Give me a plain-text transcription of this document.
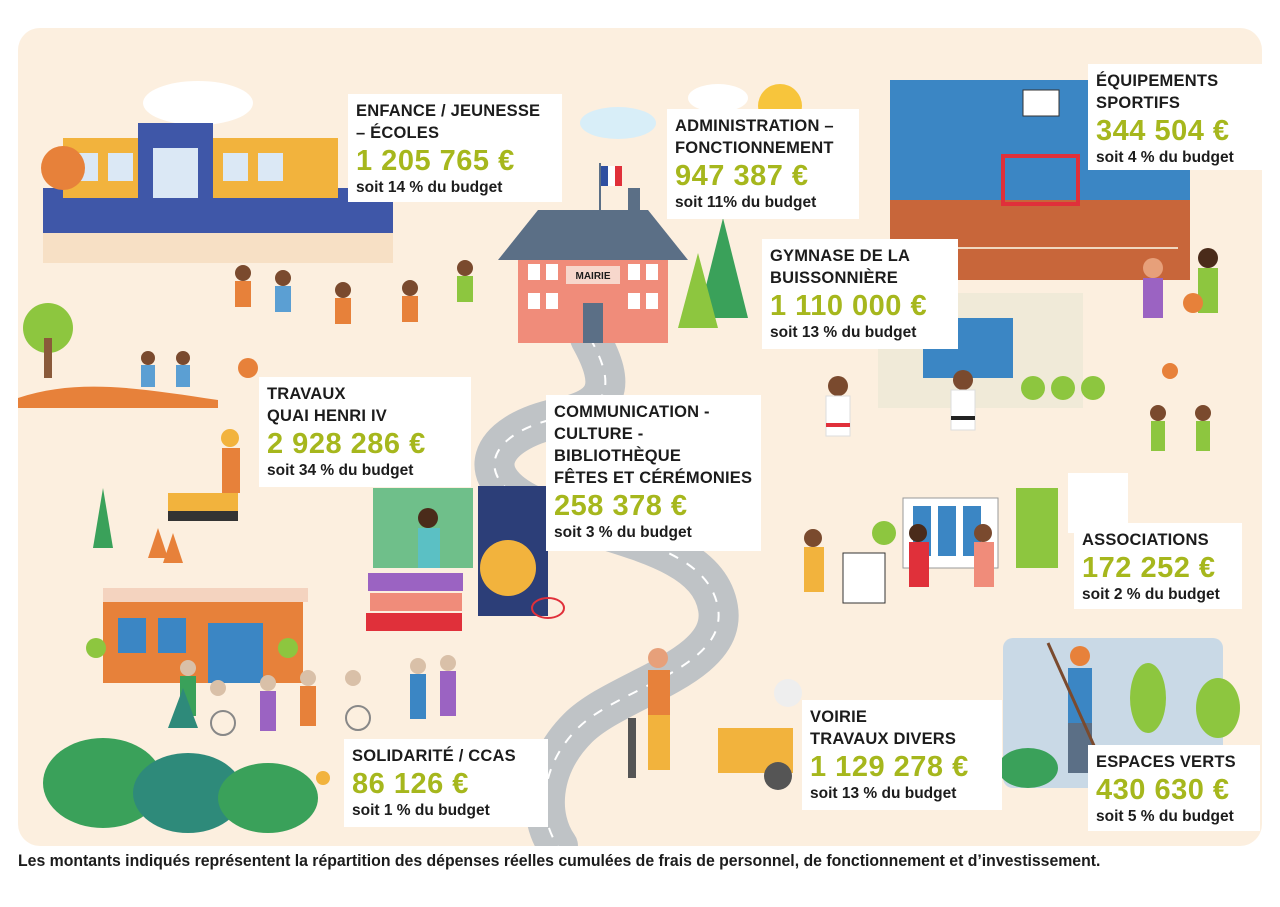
MAIRIE
ENFANCE / JEUNESSE
– ÉCOLES
1 205 765 €
soit 14 % du budget
ADMINISTRATION –
FONCTIONNEMENT
947 387 €
soit 11% du budget
ÉQUIPEMENTS
SPORTIFS
344 504 €
soit 4 % du budget
GYMNASE DE LA
BUISSONNIÈRE
1 110 000 €
soit 13 % du budget
TRAVAUX
QUAI HENRI IV
2 928 286 €
soit 34 % du budget
COMMUNICATION -
CULTURE -
BIBLIOTHÈQUE
FÊTES ET CÉRÉMONIES
258 378 €
soit 3 % du budget	ASSOCIATIONS
172 252 €
soit 2 % du budget
SOLIDARITÉ / CCAS
86 126 €
soit 1 % du budget
VOIRIE
TRAVAUX DIVERS
1 129 278 €
soit 13 % du budget
ESPACES VERTS
430 630 €
soit 5 % du budget
Les montants indiqués représentent la répartition des dépenses réelles cumulées de frais de personnel, de fonctionnement et d’investissement.
